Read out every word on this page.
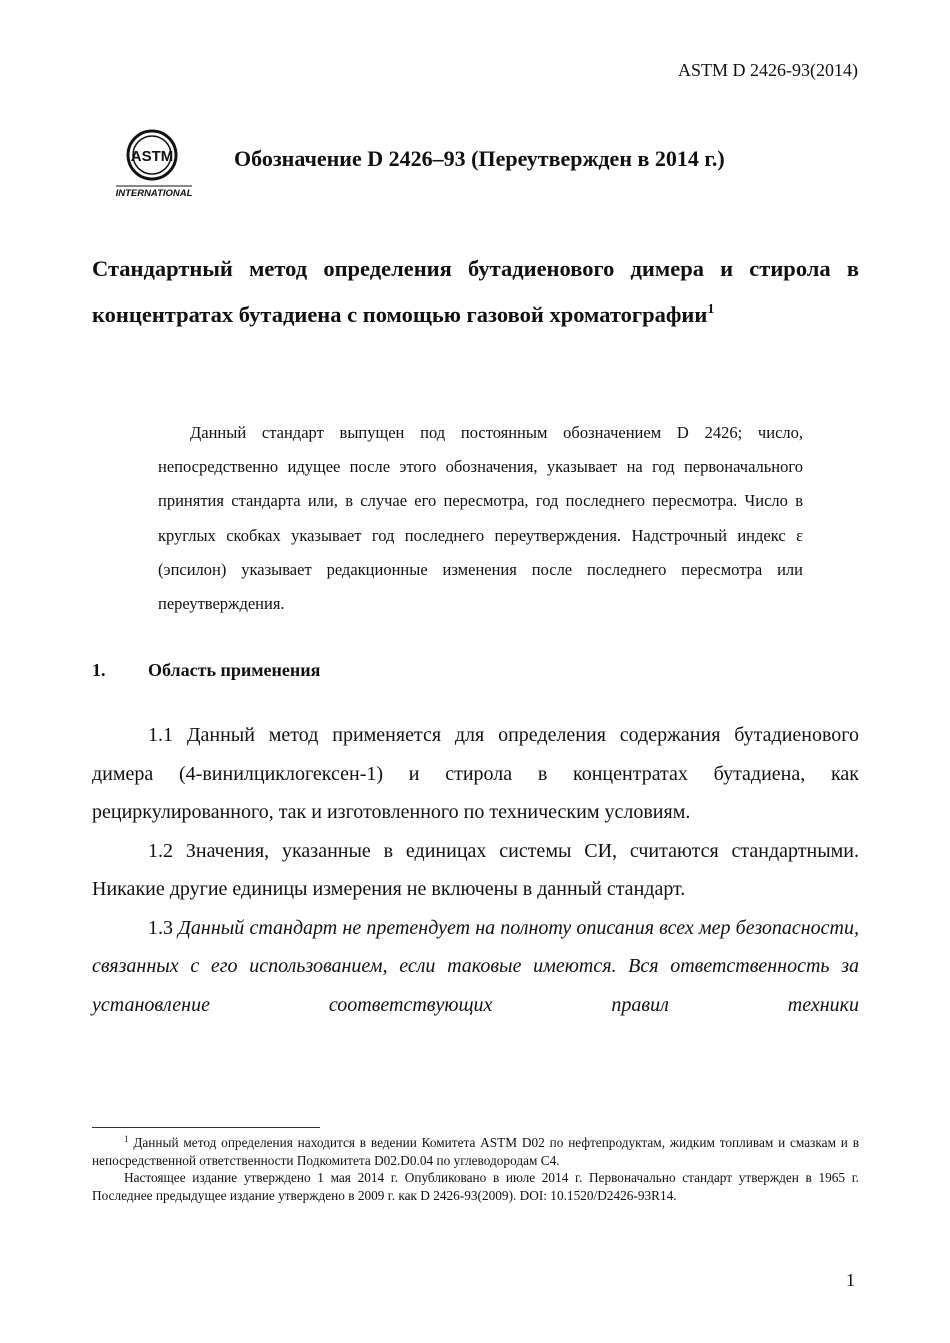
ASTM D 2426-93(2014)
ASTM
INTERNATIONAL
Обозначение D 2426–93 (Переутвержден в 2014 г.)
Стандартный метод определения бутадиенового димера и стирола в концентратах бутадиена с помощью газовой хроматографии$^1$

Данный стандарт выпущен под постоянным обозначением D 2426; число, непосредственно идущее после этого обозначения, указывает на год первоначального принятия стандарта или, в случае его пересмотра, год последнего пересмотра. Число в круглых скобках указывает год последнего переутверждения. Надстрочный индекс ε (эпсилон) указывает редакционные изменения после последнего пересмотра или переутверждения.

1. Область применения

1.1 Данный метод применяется для определения содержания бутадиенового димера (4-винилциклогексен-1) и стирола в концентратах бутадиена, как рециркулированного, так и изготовленного по техническим условиям.

1.2 Значения, указанные в единицах системы СИ, считаются стандартными. Никакие другие единицы измерения не включены в данный стандарт.

1.3 Данный стандарт не претендует на полноту описания всех мер безопасности, связанных с его использованием, если таковые имеются. Вся ответственность за установление соответствующих правил техники

$^1$ Данный метод определения находится в ведении Комитета ASTM D02 по нефтепродуктам, жидким топливам и смазкам и в непосредственной ответственности Подкомитета D02.D0.04 по углеводородам C4.

Настоящее издание утверждено 1 мая 2014 г. Опубликовано в июле 2014 г. Первоначально стандарт утвержден в 1965 г. Последнее предыдущее издание утверждено в 2009 г. как D 2426-93(2009). DOI: 10.1520/D2426-93R14.

1
